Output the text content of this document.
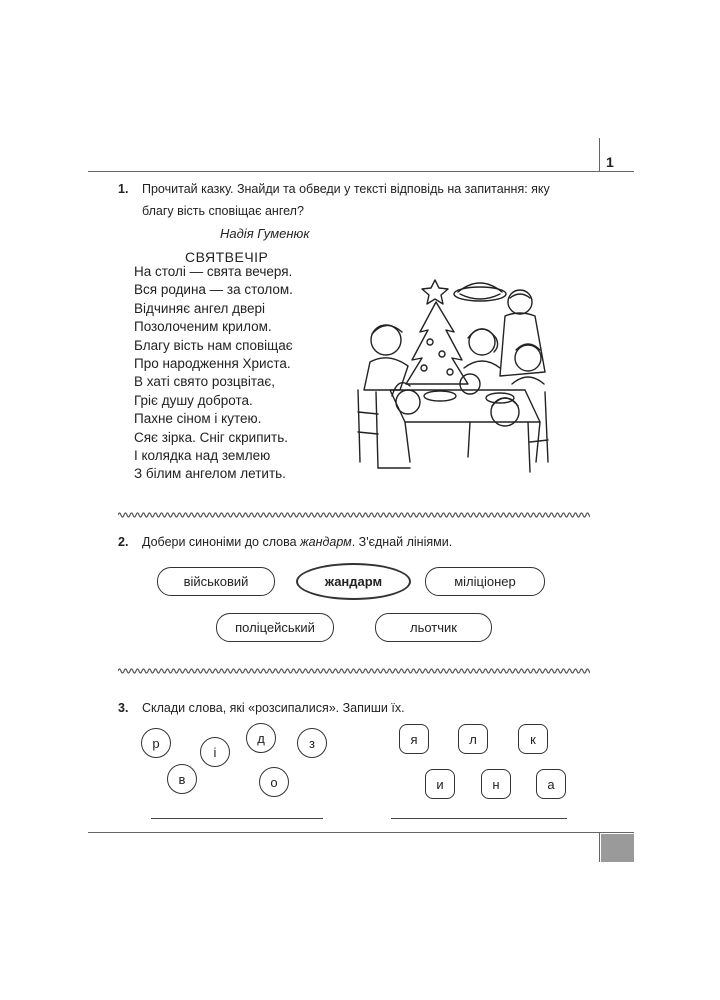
1
1. Прочитай казку. Знайди та обведи у тексті відповідь на запитання: яку
благу вість сповіщає ангел?
Надія Гуменюк
СВЯТВЕЧІР
На столі — свята вечеря.
Вся родина — за столом.
Відчиняє ангел двері
Позолоченим крилом.
Благу вість нам сповіщає
Про народження Христа.
В хаті свято розцвітає,
Гріє душу доброта.
Пахне сіном і кутею.
Сяє зірка. Сніг скрипить.
І колядка над землею
З білим ангелом летить.
2. Добери синоніми до слова жандарм. З'єднай лініями.
військовий	жандарм	міліціонер
поліцейський	льотчик
3. Склади слова, які «розсипалися». Запиши їх.
р
і
д	з
в	о
я	л	к
и	н	а
